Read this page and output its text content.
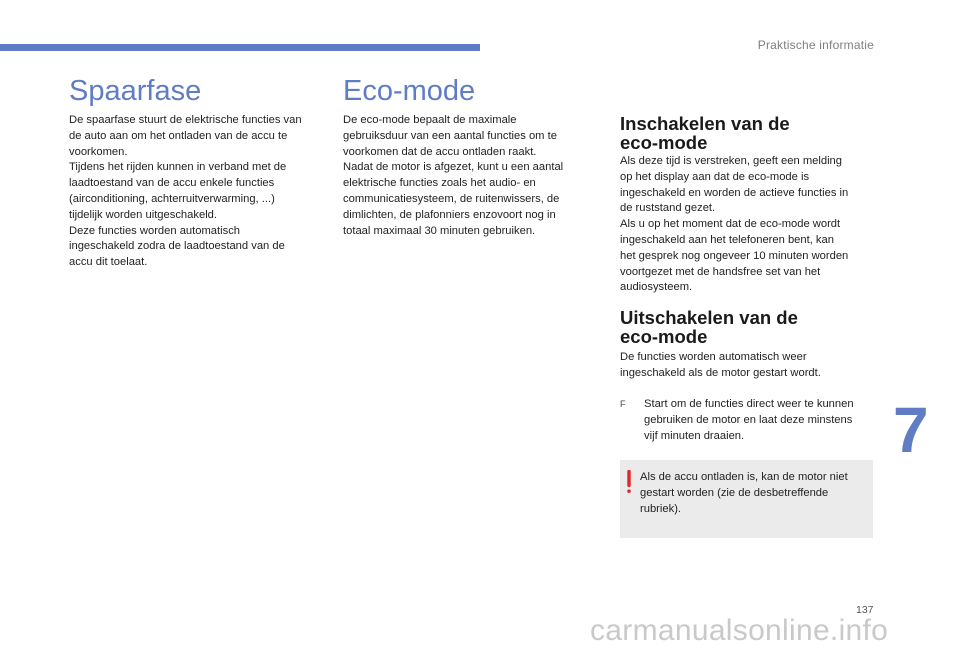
Praktische informatie
Spaarfase
De spaarfase stuurt de elektrische functies van
de auto aan om het ontladen van de accu te
voorkomen.
Tijdens het rijden kunnen in verband met de
laadtoestand van de accu enkele functies
(airconditioning, achterruitverwarming, ...)
tijdelijk worden uitgeschakeld.
Deze functies worden automatisch
ingeschakeld zodra de laadtoestand van de
accu dit toelaat.
Eco-mode
De eco-mode bepaalt de maximale
gebruiksduur van een aantal functies om te
voorkomen dat de accu ontladen raakt.
Nadat de motor is afgezet, kunt u een aantal
elektrische functies zoals het audio- en
communicatiesysteem, de ruitenwissers, de
dimlichten, de plafonniers enzovoort nog in
totaal maximaal 30 minuten gebruiken.
Inschakelen van de
eco-mode
Als deze tijd is verstreken, geeft een melding
op het display aan dat de eco-mode is
ingeschakeld en worden de actieve functies in
de ruststand gezet.
Als u op het moment dat de eco-mode wordt
ingeschakeld aan het telefoneren bent, kan
het gesprek nog ongeveer 10 minuten worden
voortgezet met de handsfree set van het
audiosysteem.
Uitschakelen van de
eco-mode
De functies worden automatisch weer
ingeschakeld als de motor gestart wordt.
F	Start om de functies direct weer te kunnen
gebruiken de motor en laat deze minstens
vijf minuten draaien.
Als de accu ontladen is, kan de motor niet
gestart worden (zie de desbetreffende
rubriek).
7
137
carmanualsonline.info
